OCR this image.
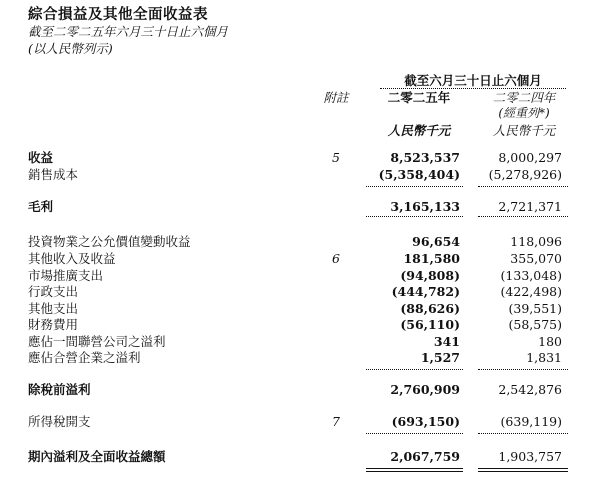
綜合損益及其他全面收益表
截至二零二五年六月三十日止六個月
(以人民幣列示)
截至六月三十日止六個月
附註	二零二五年	二零二四年
(經重列*)
人民幣千元	人民幣千元
收益	5	8,523,537	8,000,297
銷售成本	(5,358,404) (5,278,926)
毛利	3,165,133	2,721,371
投資物業之公允價值變動收益	96,654	118,096
其他收入及收益	6	181,580	355,070
市場推廣支出	(94,808)	(133,048)
行政支出	(444,782)	(422,498)
其他支出	(88,626)	(39,551)
財務費用	(56,110)	(58,575)
應佔一間聯營公司之溢利	341	180
應佔合營企業之溢利	1,527	1,831
除稅前溢利	2,760,909	2,542,876
所得稅開支	7	(693,150)	(639,119)
期內溢利及全面收益總額	2,067,759	1,903,757
